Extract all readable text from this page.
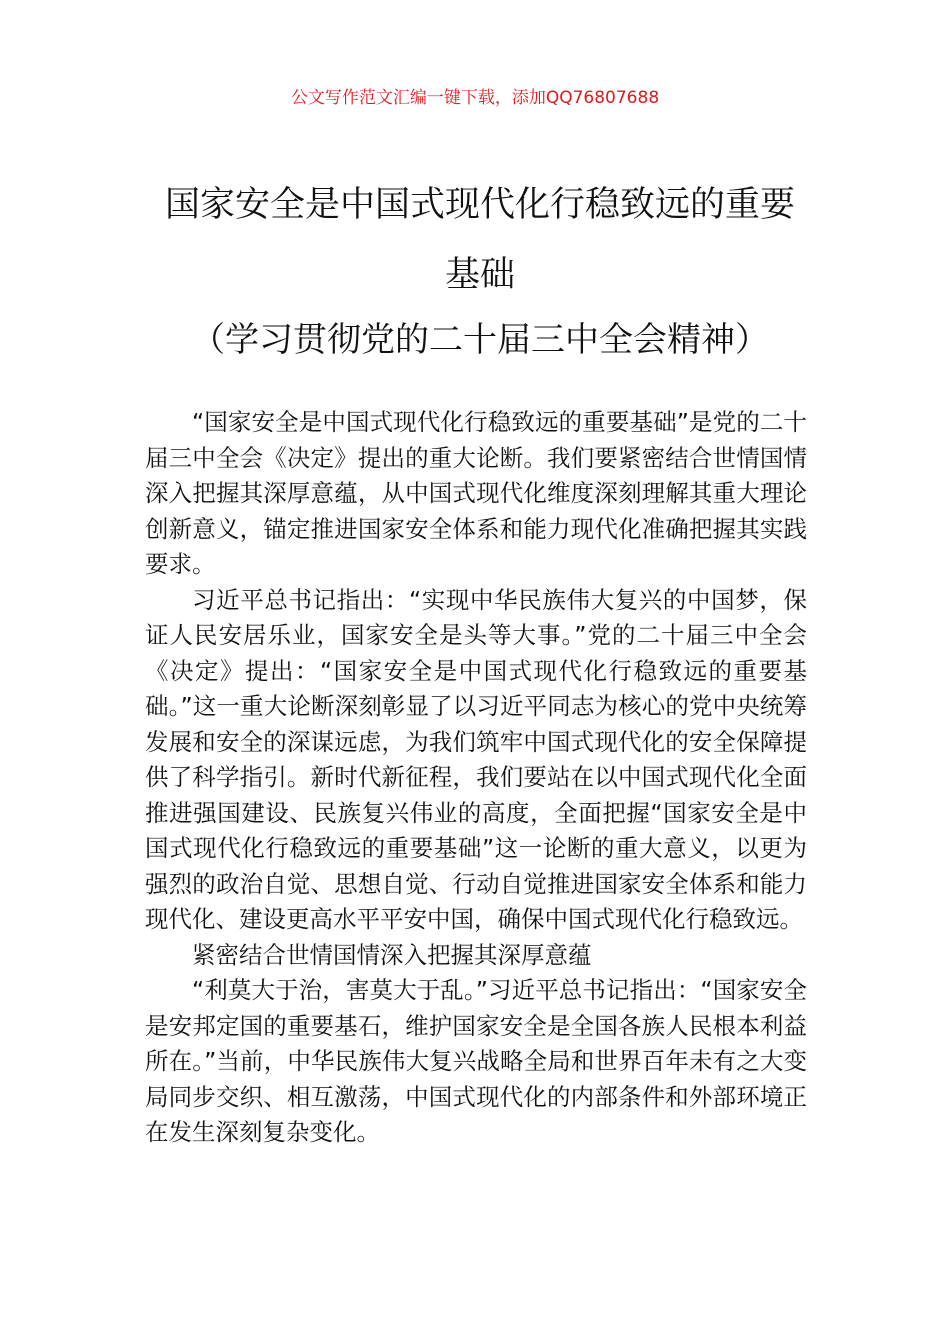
公文写作范文汇编一键下载，添加QQ76807688
国家安全是中国式现代化行稳致远的重要
基础
（学习贯彻党的二十届三中全会精神）

“国家安全是中国式现代化行稳致远的重要基础”是党的二十届三中全会《决定》提出的重大论断。我们要紧密结合世情国情深入把握其深厚意蕴，从中国式现代化维度深刻理解其重大理论创新意义，锚定推进国家安全体系和能力现代化准确把握其实践要求。

习近平总书记指出：“实现中华民族伟大复兴的中国梦，保证人民安居乐业，国家安全是头等大事。”党的二十届三中全会《决定》提出：“国家安全是中国式现代化行稳致远的重要基础。”这一重大论断深刻彰显了以习近平同志为核心的党中央统筹发展和安全的深谋远虑，为我们筑牢中国式现代化的安全保障提供了科学指引。新时代新征程，我们要站在以中国式现代化全面推进强国建设、民族复兴伟业的高度，全面把握“国家安全是中国式现代化行稳致远的重要基础”这一论断的重大意义，以更为强烈的政治自觉、思想自觉、行动自觉推进国家安全体系和能力现代化、建设更高水平平安中国，确保中国式现代化行稳致远。

紧密结合世情国情深入把握其深厚意蕴

“利莫大于治，害莫大于乱。”习近平总书记指出：“国家安全是安邦定国的重要基石，维护国家安全是全国各族人民根本利益所在。”当前，中华民族伟大复兴战略全局和世界百年未有之大变局同步交织、相互激荡，中国式现代化的内部条件和外部环境正在发生深刻复杂变化。
